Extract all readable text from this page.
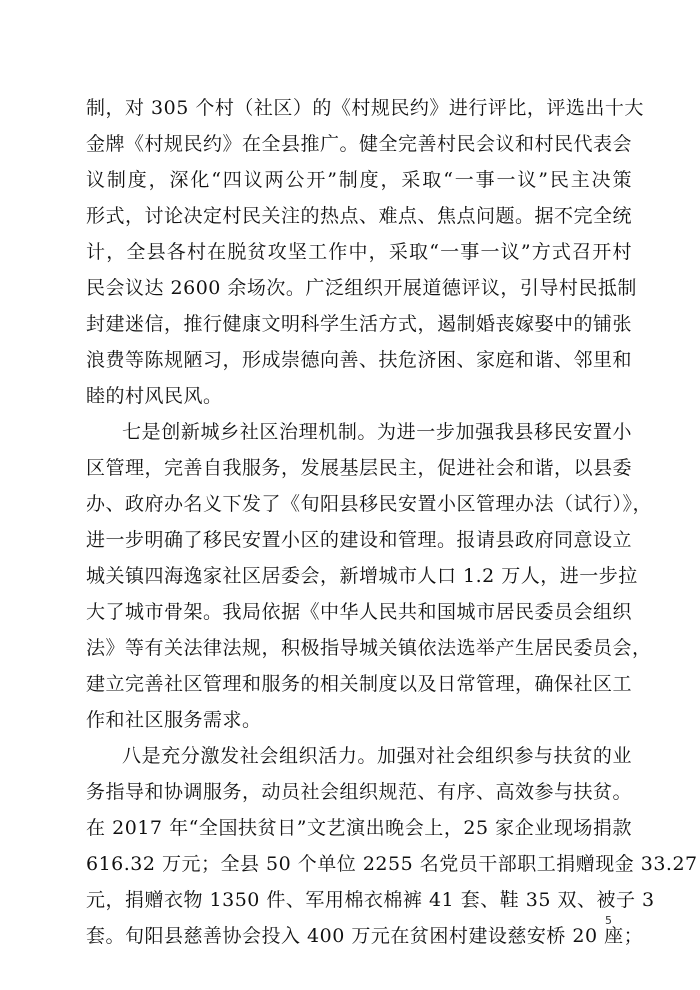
制，对 305 个村（社区）的《村规民约》进行评比，评选出十大
金牌《村规民约》在全县推广。健全完善村民会议和村民代表会
议制度，深化“四议两公开”制度，采取“一事一议”民主决策
形式，讨论决定村民关注的热点、难点、焦点问题。据不完全统
计，全县各村在脱贫攻坚工作中，采取“一事一议”方式召开村
民会议达 2600 余场次。广泛组织开展道德评议，引导村民抵制
封建迷信，推行健康文明科学生活方式，遏制婚丧嫁娶中的铺张
浪费等陈规陋习，形成崇德向善、扶危济困、家庭和谐、邻里和
睦的村风民风。
七是创新城乡社区治理机制。为进一步加强我县移民安置小
区管理，完善自我服务，发展基层民主，促进社会和谐，以县委
办、政府办名义下发了《旬阳县移民安置小区管理办法（试行）》，
进一步明确了移民安置小区的建设和管理。报请县政府同意设立
城关镇四海逸家社区居委会，新增城市人口 1.2 万人，进一步拉
大了城市骨架。我局依据《中华人民共和国城市居民委员会组织
法》等有关法律法规，积极指导城关镇依法选举产生居民委员会，
建立完善社区管理和服务的相关制度以及日常管理，确保社区工
作和社区服务需求。
八是充分激发社会组织活力。加强对社会组织参与扶贫的业
务指导和协调服务，动员社会组织规范、有序、高效参与扶贫。
在 2017 年“全国扶贫日”文艺演出晚会上，25 家企业现场捐款
616.32 万元；全县 50 个单位 2255 名党员干部职工捐赠现金 33.27
元，捐赠衣物 1350 件、军用棉衣棉裤 41 套、鞋 35 双、被子 3
套。旬阳县慈善协会投入 400 万元在贫困村建设慈安桥 20 座；
5
